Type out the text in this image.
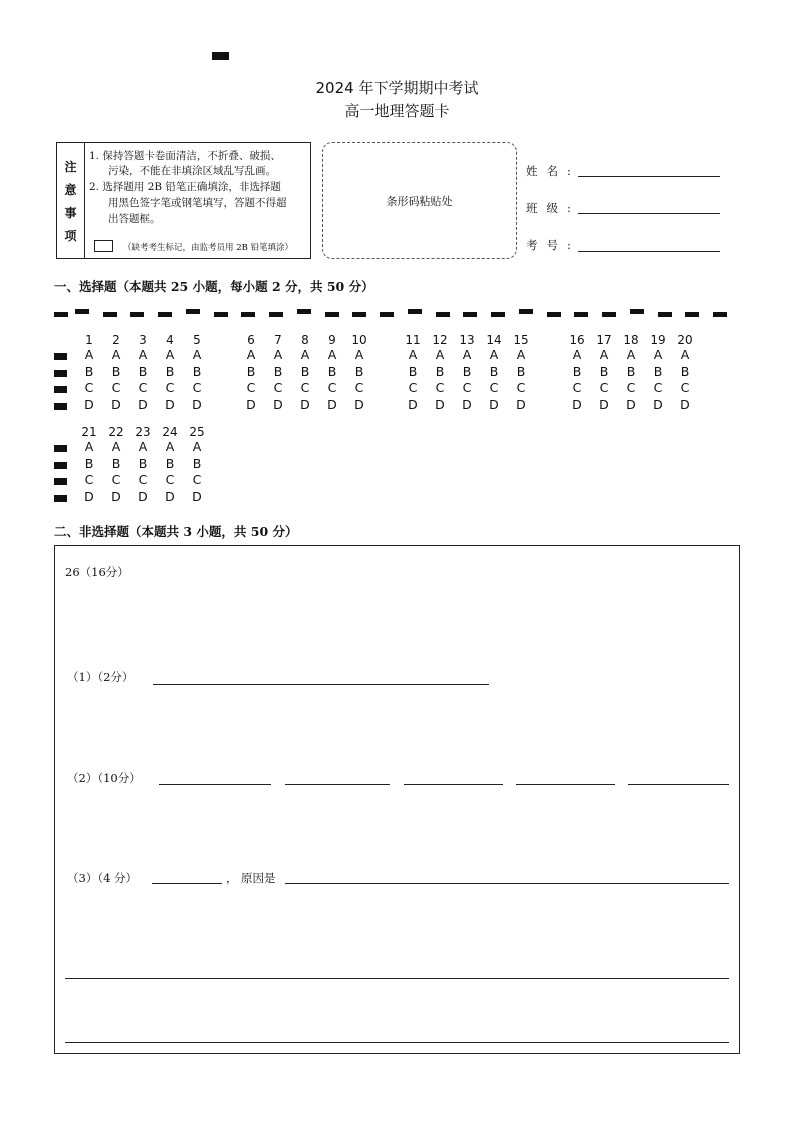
2024 年下学期期中考试
高一地理答题卡
注
意
事
项
1. 保持答题卡卷面清洁，不折叠、破损、
污染，不能在非填涂区域乱写乱画。
2. 选择题用 2B 铅笔正确填涂，非选择题
用黑色签字笔或钢笔填写，答题不得超
出答题框。
（缺考考生标记，由监考员用 2B 铅笔填涂）
条形码粘贴处
姓名:
班级:
考号:
一、选择题（本题共 25 小题，每小题 2 分，共 50 分）
1
A
B
C
D
2
A
B
C
D
3
A
B
C
D
4
A
B
C
D
5
A
B
C
D
6
A
B
C
D
7
A
B
C
D
8
A
B
C
D
9
A
B
C
D
10
A
B
C
D
11
A
B
C
D
12
A
B
C
D
13
A
B
C
D
14
A
B
C
D
15
A
B
C
D
16
A
B
C
D
17
A
B
C
D
18
A
B
C
D
19
A
B
C
D
20
A
B
C
D
21
A
B
C
D
22
A
B
C
D
23
A
B
C
D
24
A
B
C
D
25
A
B
C
D
二、非选择题（本题共 3 小题，共 50 分）
26（16分）
（1）（2分）
（2）（10分）
（3）（4 分）	， 原因是
